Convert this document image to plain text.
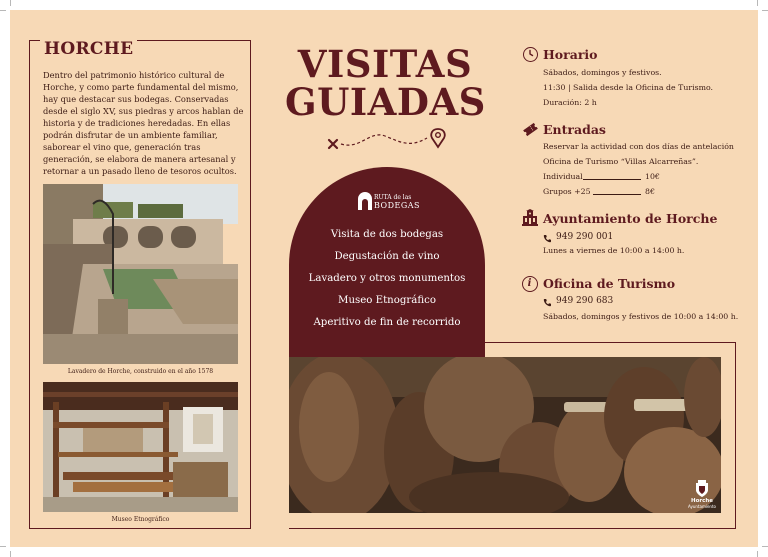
HORCHE
Dentro del patrimonio histórico cultural de Horche, y como parte fundamental del mismo, hay que destacar sus bodegas. Conservadas desde el siglo XV, sus piedras y arcos hablan de historia y de tradiciones heredadas. En ellas podrán disfrutar de un ambiente familiar, saborear el vino que, generación tras generación, se elabora de manera artesanal y retornar a un pasado lleno de tesoros ocultos.
Lavadero de Horche, construido en el año 1578
Museo Etnográfico
VISITAS
GUIADAS
Visita de dos bodegas
Degustación de vino
Lavadero y otros monumentos
Museo Etnográfico
Aperitivo de fin de recorrido
RUTA de las
BODEGAS
Horario
Sábados, domingos y festivos.
11:30 | Salida desde la Oficina de Turismo.
Duración: 2 h
Entradas
Reservar la actividad con dos días de antelación
Oficina de Turismo “Villas Alcarreñas”.
Individual	10€
Grupos +25	8€
Ayuntamiento de Horche
949 290 001
Lunes a viernes de 10:00 a 14:00 h.
i Oficina de Turismo
949 290 683
Sábados, domingos y festivos de 10:00 a 14:00 h.
Horche
Ayuntamiento
